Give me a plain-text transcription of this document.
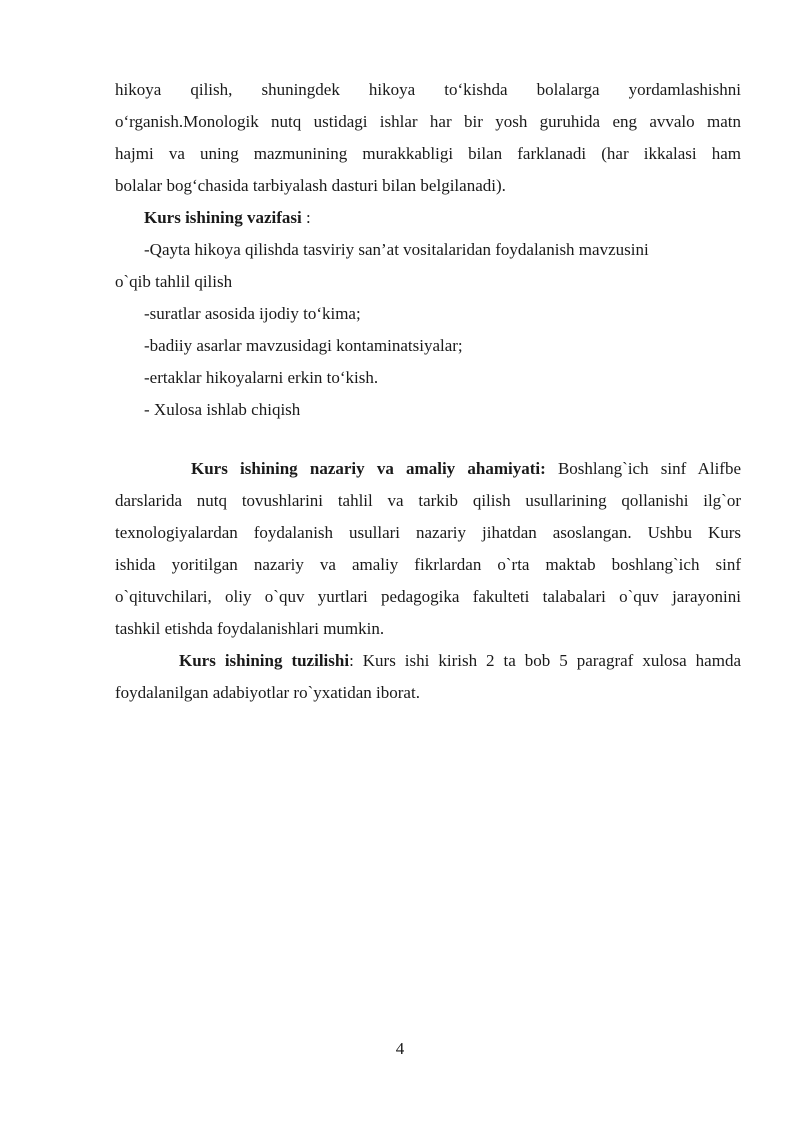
hikoya qilish, shuningdek hikoya to‘kishda bolalarga yordamlashishni
o‘rganish.Monologik nutq ustidagi ishlar har bir yosh guruhida eng avvalo matn
hajmi va uning mazmunining murakkabligi bilan farklanadi (har ikkalasi ham
bolalar bog‘chasida tarbiyalash dasturi bilan belgilanadi).
Kurs ishining vazifasi :
-Qayta hikoya qilishda tasviriy san’at vositalaridan foydalanish mavzusini
o`qib tahlil qilish
-suratlar asosida ijodiy to‘kima;
-badiiy asarlar mavzusidagi kontaminatsiyalar;
-ertaklar hikoyalarni erkin to‘kish.
- Xulosa ishlab chiqish
Kurs ishining nazariy va amaliy ahamiyati: Boshlang`ich sinf Alifbe
darslarida nutq tovushlarini tahlil va tarkib qilish usullarining qollanishi ilg`or
texnologiyalardan foydalanish usullari nazariy jihatdan asoslangan. Ushbu Kurs
ishida yoritilgan nazariy va amaliy fikrlardan o`rta maktab boshlang`ich sinf
o`qituvchilari, oliy o`quv yurtlari pedagogika fakulteti talabalari o`quv jarayonini
tashkil etishda foydalanishlari mumkin.
Kurs ishining tuzilishi: Kurs ishi kirish 2 ta bob 5 paragraf xulosa hamda
foydalanilgan adabiyotlar ro`yxatidan iborat.
4
